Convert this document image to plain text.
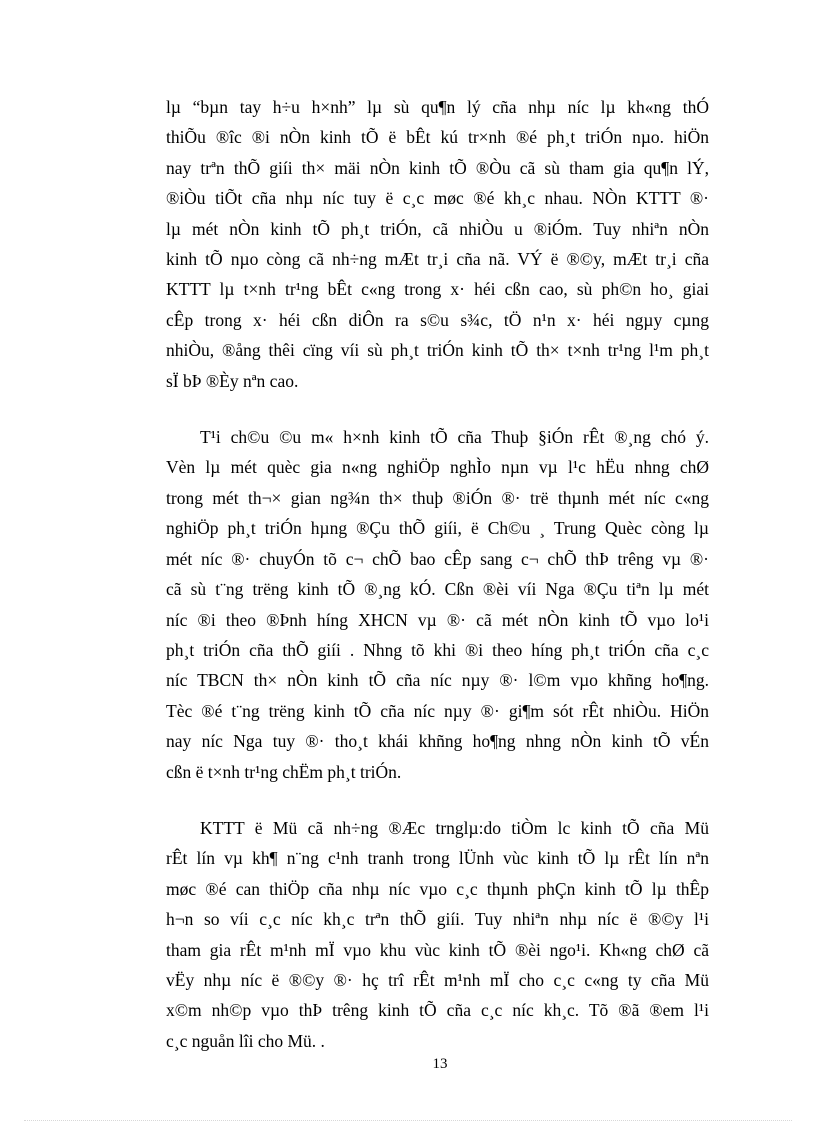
lµ “bµn tay h÷u h×nh” lµ sù qu¶n lý cña nhµ níc lµ kh«ng thÓ
thiÕu ®îc ®i nÒn kinh tÕ ë bÊt kú tr×nh ®é ph¸t triÓn nµo. hiÖn
nay trªn thÕ giíi th× mäi nÒn kinh tÕ ®Òu cã sù tham gia qu¶n lÝ,
®iÒu tiÕt cña nhµ níc tuy ë c¸c møc ®é kh¸c nhau. NÒn KTTT ®·
lµ mét nÒn kinh tÕ ph¸t triÓn, cã nhiÒu u ®iÓm. Tuy nhiªn nÒn
kinh tÕ nµo còng cã nh÷ng mÆt tr¸i cña nã. VÝ ë ®©y, mÆt tr¸i cña
KTTT lµ t×nh tr¹ng bÊt c«ng trong x· héi cßn cao, sù ph©n ho¸ giai
cÊp trong x· héi cßn diÔn ra s©u s¾c, tÖ n¹n x· héi ngµy cµng
nhiÒu, ®ång thêi cïng víi sù ph¸t triÓn kinh tÕ th× t×nh tr¹ng l¹m ph¸t
sÏ bÞ ®Èy nªn cao.

T¹i ch©u ©u m« h×nh kinh tÕ cña Thuþ §iÓn rÊt ®¸ng chó ý.
Vèn lµ mét quèc gia n«ng nghiÖp nghÌo nµn vµ l¹c hËu nhng chØ
trong mét th¬× gian ng¾n th× thuþ ®iÓn ®· trë thµnh mét níc c«ng
nghiÖp ph¸t triÓn hµng ®Çu thÕ giíi, ë Ch©u ¸ Trung Quèc còng lµ
mét níc ®· chuyÓn tõ c¬ chÕ bao cÊp sang c¬ chÕ thÞ trêng vµ ®·
cã sù t¨ng trëng kinh tÕ ®¸ng kÓ. Cßn ®èi víi Nga ®Çu tiªn lµ mét
níc ®i theo ®Þnh híng XHCN vµ ®· cã mét nÒn kinh tÕ vµo lo¹i
ph¸t triÓn cña thÕ giíi . Nhng tõ khi ®i theo híng ph¸t triÓn cña c¸c
níc TBCN th× nÒn kinh tÕ cña níc nµy ®· l©m vµo khñng ho¶ng.
Tèc ®é t¨ng trëng kinh tÕ cña níc nµy ®· gi¶m sót rÊt nhiÒu. HiÖn
nay níc Nga tuy ®· tho¸t khái khñng ho¶ng nhng nÒn kinh tÕ vÉn
cßn ë t×nh tr¹ng chËm ph¸t triÓn.

KTTT ë Mü cã nh÷ng ®Æc trnglµ:do tiÒm lc kinh tÕ cña Mü
rÊt lín vµ kh¶ n¨ng c¹nh tranh trong lÜnh vùc kinh tÕ lµ rÊt lín nªn
møc ®é can thiÖp cña nhµ níc vµo c¸c thµnh phÇn kinh tÕ lµ thÊp
h¬n so víi c¸c níc kh¸c trªn thÕ giíi. Tuy nhiªn nhµ níc ë ®©y l¹i
tham gia rÊt m¹nh mÏ vµo khu vùc kinh tÕ ®èi ngo¹i. Kh«ng chØ cã
vËy nhµ níc ë ®©y ®· hç trî rÊt m¹nh mÏ cho c¸c c«ng ty cña Mü
x©m nh©p vµo thÞ trêng kinh tÕ cña c¸c níc kh¸c. Tõ ®ã ®em l¹i
c¸c nguån lîi cho Mü. .

13
